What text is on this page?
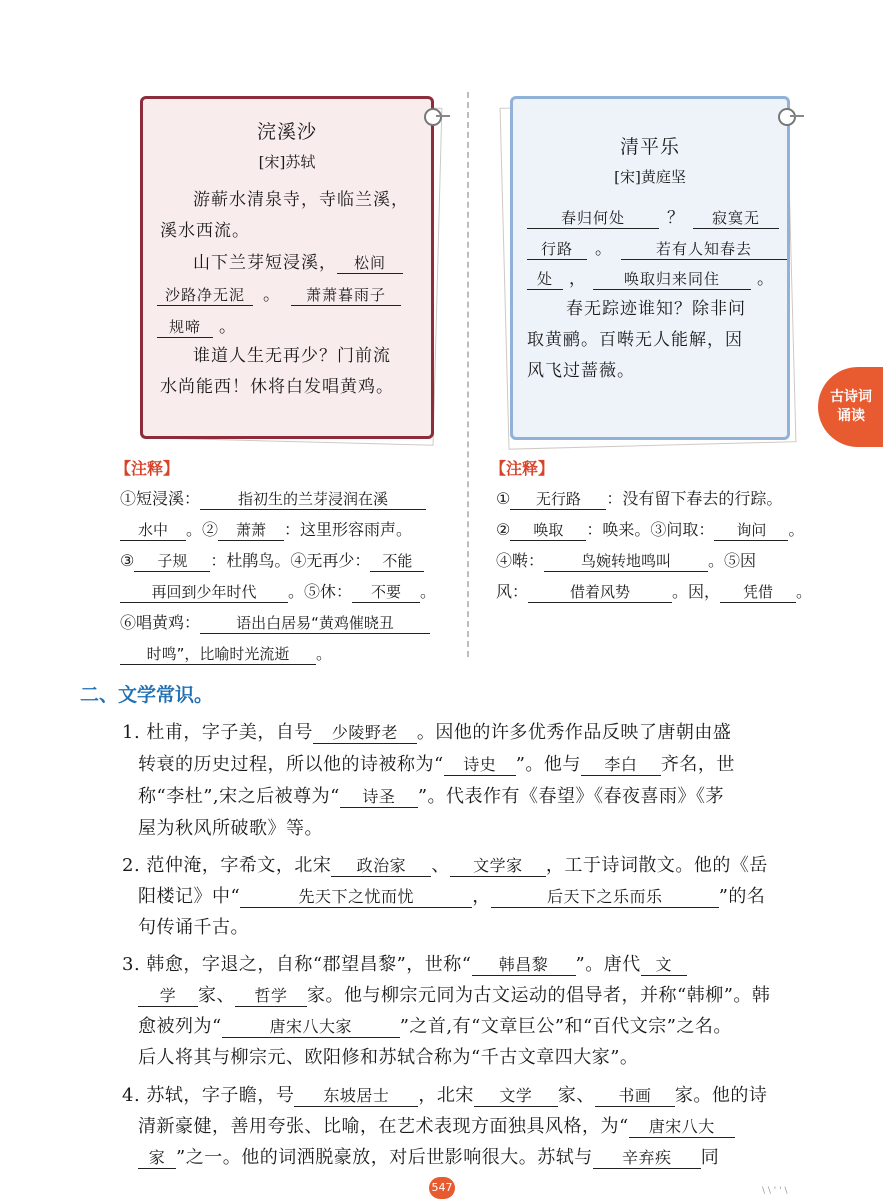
浣溪沙
[宋]苏轼
游蕲水清泉寺，寺临兰溪，
溪水西流。
山下兰芽短浸溪， 松间
沙路净无泥 。 萧萧暮雨子
规啼 。
谁道人生无再少？门前流
水尚能西！休将白发唱黄鸡。
【注释】
①短浸溪：	指初生的兰芽浸润在溪
水中 。② 萧萧 ：这里形容雨声。
③ 子规 ：杜鹃鸟。④无再少： 不能
再回到少年时代 。⑤休： 不要 。
⑥唱黄鸡： 语出白居易“黄鸡催晓丑
时鸣”，比喻时光流逝 。
清平乐
[宋]黄庭坚
春归何处 ？ 寂寞无
行路 。	若有人知春去
处 ， 唤取归来同住 。
春无踪迹谁知？除非问
取黄鹂。百啭无人能解，因
风飞过蔷薇。
【注释】
① 无行路 ：没有留下春去的行踪。
② 唤取 ：唤来。③问取： 询问 。
④啭： 鸟婉转地鸣叫 。⑤因
风：	借着风势	。因， 凭借 。
古诗词
诵读
二、文学常识。
1. 杜甫，字子美，自号 少陵野老 。因他的许多优秀作品反映了唐朝由盛
转衰的历史过程，所以他的诗被称为“ 诗史 ”。他与 李白 齐名，世
称“李杜”,宋之后被尊为“ 诗圣 ”。代表作有《春望》《春夜喜雨》《茅
屋为秋风所破歌》等。
2. 范仲淹，字希文，北宋 政治家 、 文学家 ，工于诗词散文。他的《岳
阳楼记》中“	先天下之忧而忧	，	后天下之乐而乐	”的名
句传诵千古。
3. 韩愈，字退之，自称“郡望昌黎”，世称“ 韩昌黎 ”。唐代 文
学 家、 哲学 家。他与柳宗元同为古文运动的倡导者，并称“韩柳”。韩
愈被列为“	唐宋八大家	”之首,有“文章巨公”和“百代文宗”之名。
后人将其与柳宗元、欧阳修和苏轼合称为“千古文章四大家”。
4. 苏轼，字子瞻，号 东坡居士 ，北宋 文学 家、 书画 家。他的诗
清新豪健，善用夸张、比喻，在艺术表现方面独具风格，为“ 唐宋八大
家 ”之一。他的词洒脱豪放，对后世影响很大。苏轼与 辛弃疾 同
547	\ \ ' ' \
